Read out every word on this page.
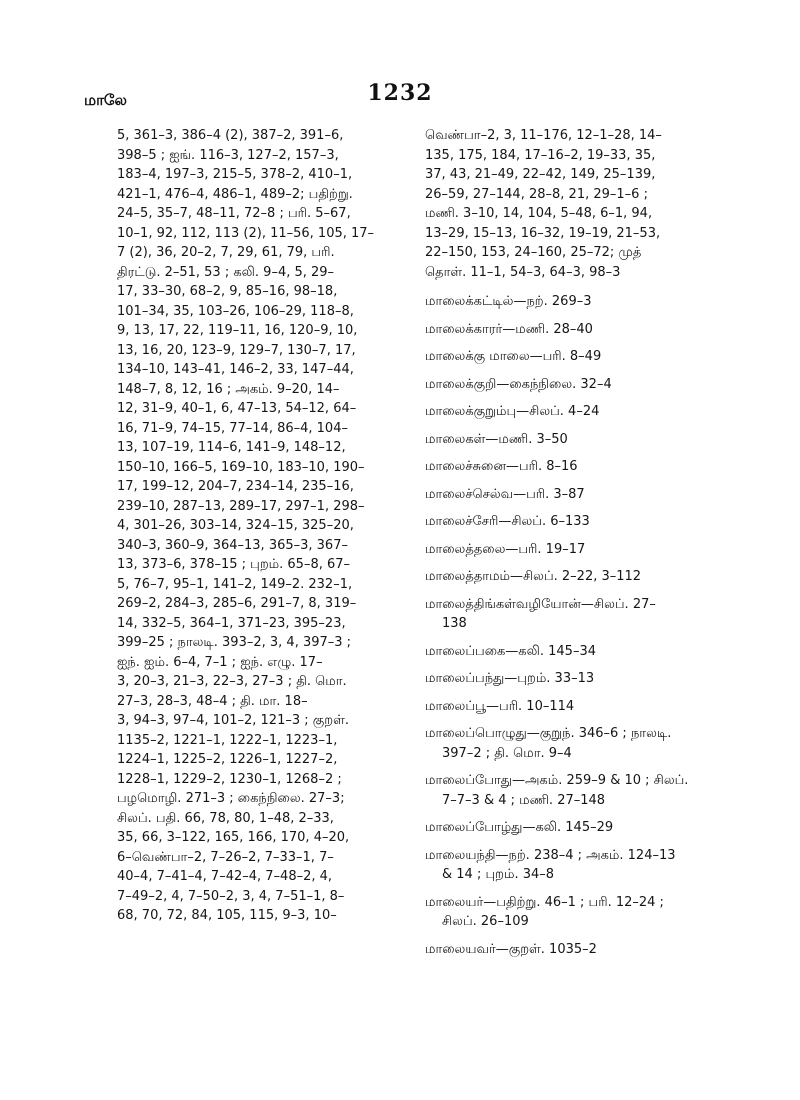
மாலே	1232
5, 361–3, 386–4 (2), 387–2, 391–6,
398–5 ; ஐங். 116–3, 127–2, 157–3,
183–4, 197–3, 215–5, 378–2, 410–1,
421–1, 476–4, 486–1, 489–2; பதிற்று.
24–5, 35–7, 48–11, 72–8 ; பரி. 5–67,
10–1, 92, 112, 113 (2), 11–56, 105, 17–
7 (2), 36, 20–2, 7, 29, 61, 79, பரி.
திரட்டு. 2–51, 53 ; கலி. 9–4, 5, 29–
17, 33–30, 68–2, 9, 85–16, 98–18,
101–34, 35, 103–26, 106–29, 118–8,
9, 13, 17, 22, 119–11, 16, 120–9, 10,
13, 16, 20, 123–9, 129–7, 130–7, 17,
134–10, 143–41, 146–2, 33, 147–44,
148–7, 8, 12, 16 ; அகம். 9–20, 14–
12, 31–9, 40–1, 6, 47–13, 54–12, 64–
16, 71–9, 74–15, 77–14, 86–4, 104–
13, 107–19, 114–6, 141–9, 148–12,
150–10, 166–5, 169–10, 183–10, 190–
17, 199–12, 204–7, 234–14, 235–16,
239–10, 287–13, 289–17, 297–1, 298–
4, 301–26, 303–14, 324–15, 325–20,
340–3, 360–9, 364–13, 365–3, 367–
13, 373–6, 378–15 ; புறம். 65–8, 67–
5, 76–7, 95–1, 141–2, 149–2. 232–1,
269–2, 284–3, 285–6, 291–7, 8, 319–
14, 332–5, 364–1, 371–23, 395–23,
399–25 ; நாலடி. 393–2, 3, 4, 397–3 ;
ஐந். ஐம். 6–4, 7–1 ; ஐந். எழு. 17–
3, 20–3, 21–3, 22–3, 27–3 ; தி. மொ.
27–3, 28–3, 48–4 ; தி. மா. 18–
3, 94–3, 97–4, 101–2, 121–3 ; குறள்.
1135–2, 1221–1, 1222–1, 1223–1,
1224–1, 1225–2, 1226–1, 1227–2,
1228–1, 1229–2, 1230–1, 1268–2 ;
பழமொழி. 271–3 ; கைந்நிலை. 27–3;
சிலப். பதி. 66, 78, 80, 1–48, 2–33,
35, 66, 3–122, 165, 166, 170, 4–20,
6–வெண்பா–2, 7–26–2, 7–33–1, 7–
40–4, 7–41–4, 7–42–4, 7–48–2, 4,
7–49–2, 4, 7–50–2, 3, 4, 7–51–1, 8–
68, 70, 72, 84, 105, 115, 9–3, 10–
வெண்பா–2, 3, 11–176, 12–1–28, 14–
135, 175, 184, 17–16–2, 19–33, 35,
37, 43, 21–49, 22–42, 149, 25–139,
26–59, 27–144, 28–8, 21, 29–1–6 ;
மணி. 3–10, 14, 104, 5–48, 6–1, 94,
13–29, 15–13, 16–32, 19–19, 21–53,
22–150, 153, 24–160, 25–72; முத்
தொள். 11–1, 54–3, 64–3, 98–3
மாலைக்கட்டில்—நற். 269–3
மாலைக்காரர்—மணி. 28–40
மாலைக்கு மாலை—பரி. 8–49
மாலைக்குறி—கைந்நிலை. 32–4
மாலைக்குறும்பு—சிலப். 4–24
மாலைகள்—மணி. 3–50
மாலைச்சுனை—பரி. 8–16
மாலைச்செல்வ—பரி. 3–87
மாலைச்சேரி—சிலப். 6–133
மாலைத்தலை—பரி. 19–17
மாலைத்தாமம்—சிலப். 2–22, 3–112
மாலைத்திங்கள்வழியோன்—சிலப். 27–
138
மாலைப்பகை—கலி. 145–34
மாலைப்பந்து—புறம். 33–13
மாலைப்பூ—பரி. 10–114
மாலைப்பொழுது—குறுந். 346–6 ; நாலடி.
397–2 ; தி. மொ. 9–4
மாலைப்போது—அகம். 259–9 & 10 ; சிலப்.
7–7–3 & 4 ; மணி. 27–148
மாலைப்போழ்து—கலி. 145–29
மாலையந்தி—நற். 238–4 ; அகம். 124–13
& 14 ; புறம். 34–8
மாலையர்—பதிற்று. 46–1 ; பரி. 12–24 ;
சிலப். 26–109
மாலையவர்—குறள். 1035–2
